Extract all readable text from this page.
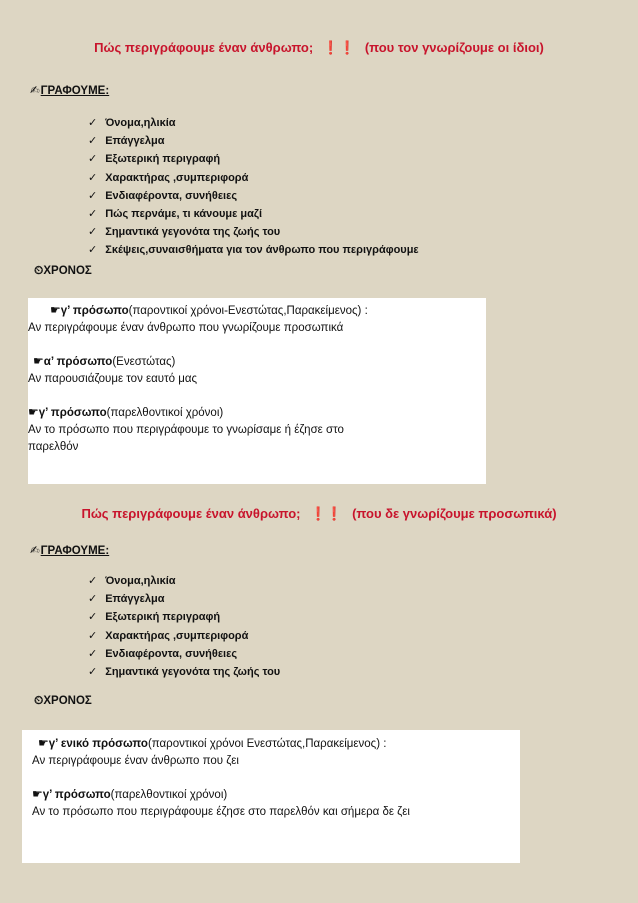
Πώς περιγράφουμε έναν άνθρωπο; ❗❗ (που τον γνωρίζουμε οι ίδιοι)
✍ΓΡΑΦΟΥΜΕ:
✓ Όνομα,ηλικία
✓ Επάγγελμα
✓ Εξωτερική περιγραφή
✓ Χαρακτήρας ,συμπεριφορά
✓ Ενδιαφέροντα, συνήθειες
✓ Πώς περνάμε, τι κάνουμε μαζί
✓ Σημαντικά γεγονότα της ζωής του
✓ Σκέψεις,συναισθήματα για τον άνθρωπο που περιγράφουμε
⏲ΧΡΟΝΟΣ

☛γ’ πρόσωπο(παροντικοί χρόνοι-Ενεστώτας,Παρακείμενος) :

Αν περιγράφουμε έναν άνθρωπο που γνωρίζουμε προσωπικά

☛α’ πρόσωπο(Ενεστώτας)

Αν παρουσιάζουμε τον εαυτό μας

☛γ’ πρόσωπο(παρελθοντικοί χρόνοι)

Αν το πρόσωπο που περιγράφουμε το γνωρίσαμε ή έζησε στο

παρελθόν

Πώς περιγράφουμε έναν άνθρωπο; ❗❗ (που δε γνωρίζουμε προσωπικά)
✍ΓΡΑΦΟΥΜΕ:
✓ Όνομα,ηλικία
✓ Επάγγελμα
✓ Εξωτερική περιγραφή
✓ Χαρακτήρας ,συμπεριφορά
✓ Ενδιαφέροντα, συνήθειες
✓ Σημαντικά γεγονότα της ζωής του
⏲ΧΡΟΝΟΣ

☛γ’ ενικό πρόσωπο(παροντικοί χρόνοι Ενεστώτας,Παρακείμενος) :

Αν περιγράφουμε έναν άνθρωπο που ζει

☛γ’ πρόσωπο(παρελθοντικοί χρόνοι)

Αν το πρόσωπο που περιγράφουμε έζησε στο παρελθόν και σήμερα δε ζει
